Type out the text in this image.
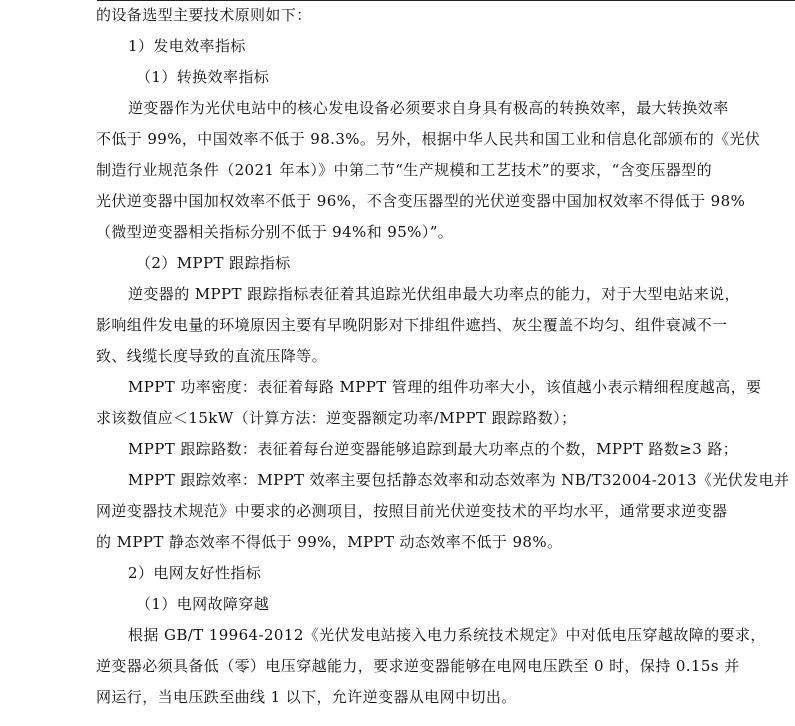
的设备选型主要技术原则如下：
1）发电效率指标
（1）转换效率指标
逆变器作为光伏电站中的核心发电设备必须要求自身具有极高的转换效率，最大转换效率
不低于 99%，中国效率不低于 98.3%。另外，根据中华人民共和国工业和信息化部颁布的《光伏
制造行业规范条件（2021 年本）》中第二节“生产规模和工艺技术”的要求，“含变压器型的
光伏逆变器中国加权效率不低于 96%，不含变压器型的光伏逆变器中国加权效率不得低于 98%
（微型逆变器相关指标分别不低于 94%和 95%）”。
（2）MPPT 跟踪指标
逆变器的 MPPT 跟踪指标表征着其追踪光伏组串最大功率点的能力，对于大型电站来说，
影响组件发电量的环境原因主要有早晚阴影对下排组件遮挡、灰尘覆盖不均匀、组件衰减不一
致、线缆长度导致的直流压降等。
MPPT 功率密度：表征着每路 MPPT 管理的组件功率大小，该值越小表示精细程度越高，要
求该数值应＜15kW（计算方法：逆变器额定功率/MPPT 跟踪路数）；
MPPT 跟踪路数：表征着每台逆变器能够追踪到最大功率点的个数，MPPT 路数≥3 路；
MPPT 跟踪效率：MPPT 效率主要包括静态效率和动态效率为 NB/T32004-2013《光伏发电并
网逆变器技术规范》中要求的必测项目，按照目前光伏逆变技术的平均水平，通常要求逆变器
的 MPPT 静态效率不得低于 99%，MPPT 动态效率不低于 98%。
2）电网友好性指标
（1）电网故障穿越
根据 GB/T 19964-2012《光伏发电站接入电力系统技术规定》中对低电压穿越故障的要求，
逆变器必须具备低（零）电压穿越能力，要求逆变器能够在电网电压跌至 0 时，保持 0.15s 并
网运行，当电压跌至曲线 1 以下，允许逆变器从电网中切出。
